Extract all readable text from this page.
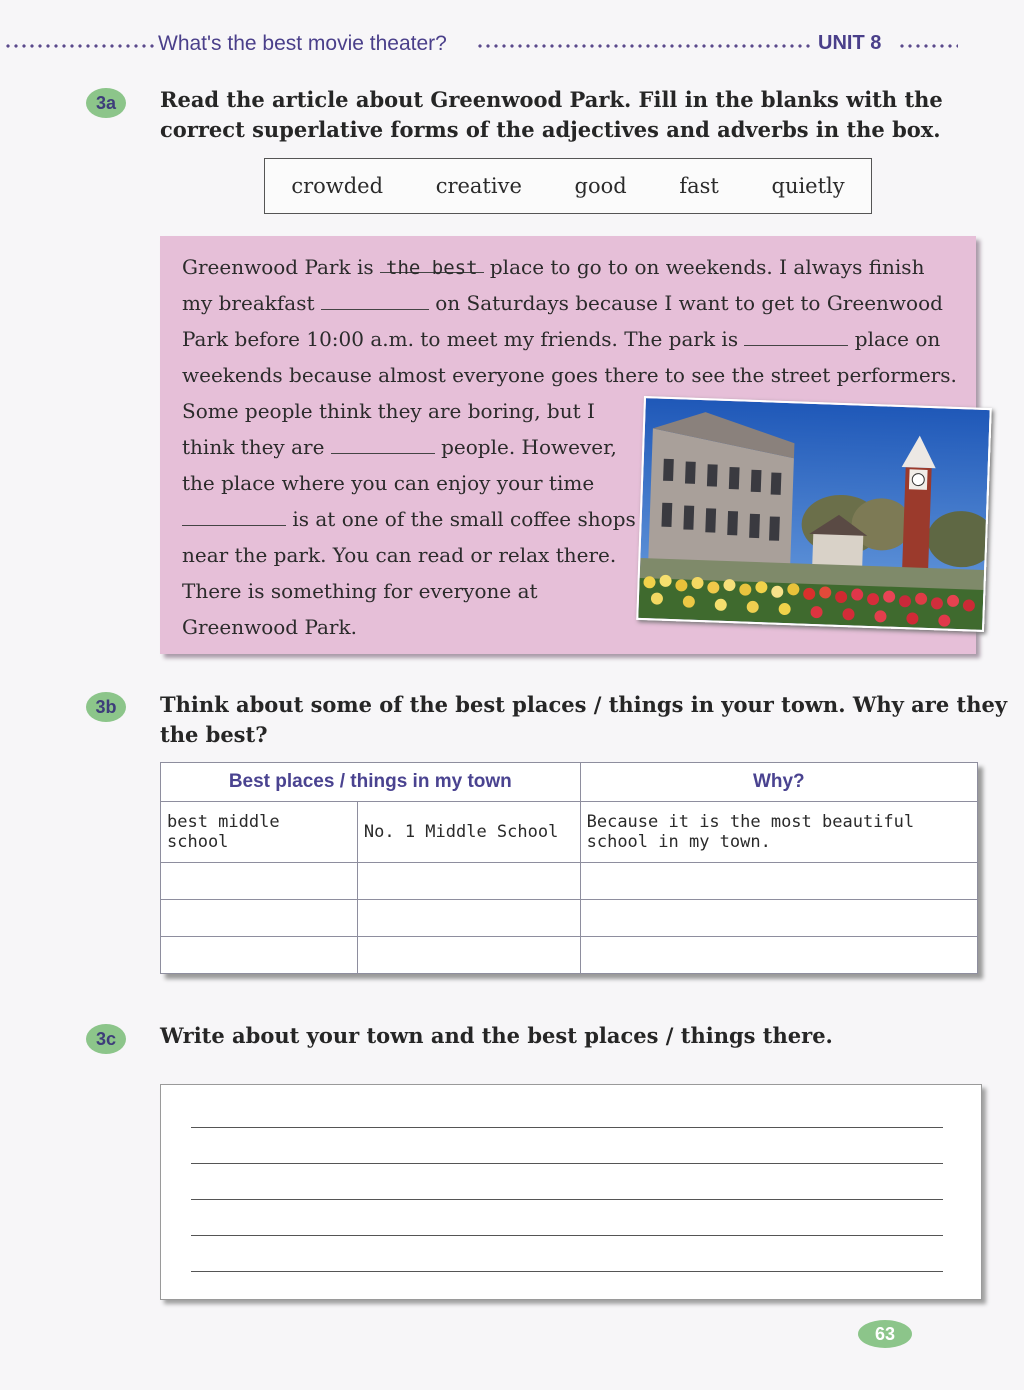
What's the best movie theater?	UNIT 8
3a	Read the article about Greenwood Park. Fill in the blanks with the
correct superlative forms of the adjectives and adverbs in the box.
crowded	creative	good	fast	quietly
Greenwood Park is the best place to go to on weekends. I always finish
my breakfast	on Saturdays because I want to get to Greenwood
Park before 10:00 a.m. to meet my friends. The park is	place on
weekends because almost everyone goes there to see the street performers.
Some people think they are boring, but I
think they are	people. However,
the place where you can enjoy your time
is at one of the small coffee shops
near the park. You can read or relax there.
There is something for everyone at
Greenwood Park.
3b	Think about some of the best places / things in your town. Why are they
the best?
Best places / things in my town		Why?
best middle school	No. 1 Middle School	Because it is the most beautiful school in my town.

3c	Write about your town and the best places / things there.
63
